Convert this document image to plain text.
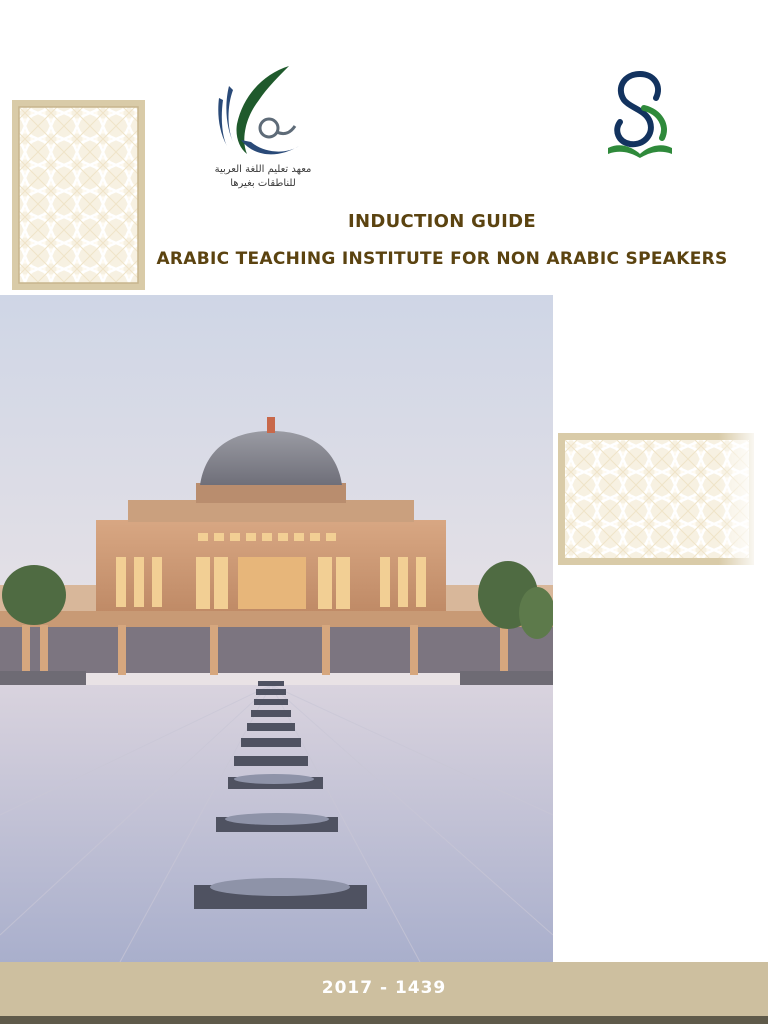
معهد تعليم اللغة العربية
للناطقات بغيرها
INDUCTION GUIDE
ARABIC TEACHING INSTITUTE FOR NON ARABIC SPEAKERS
2017 - 1439
